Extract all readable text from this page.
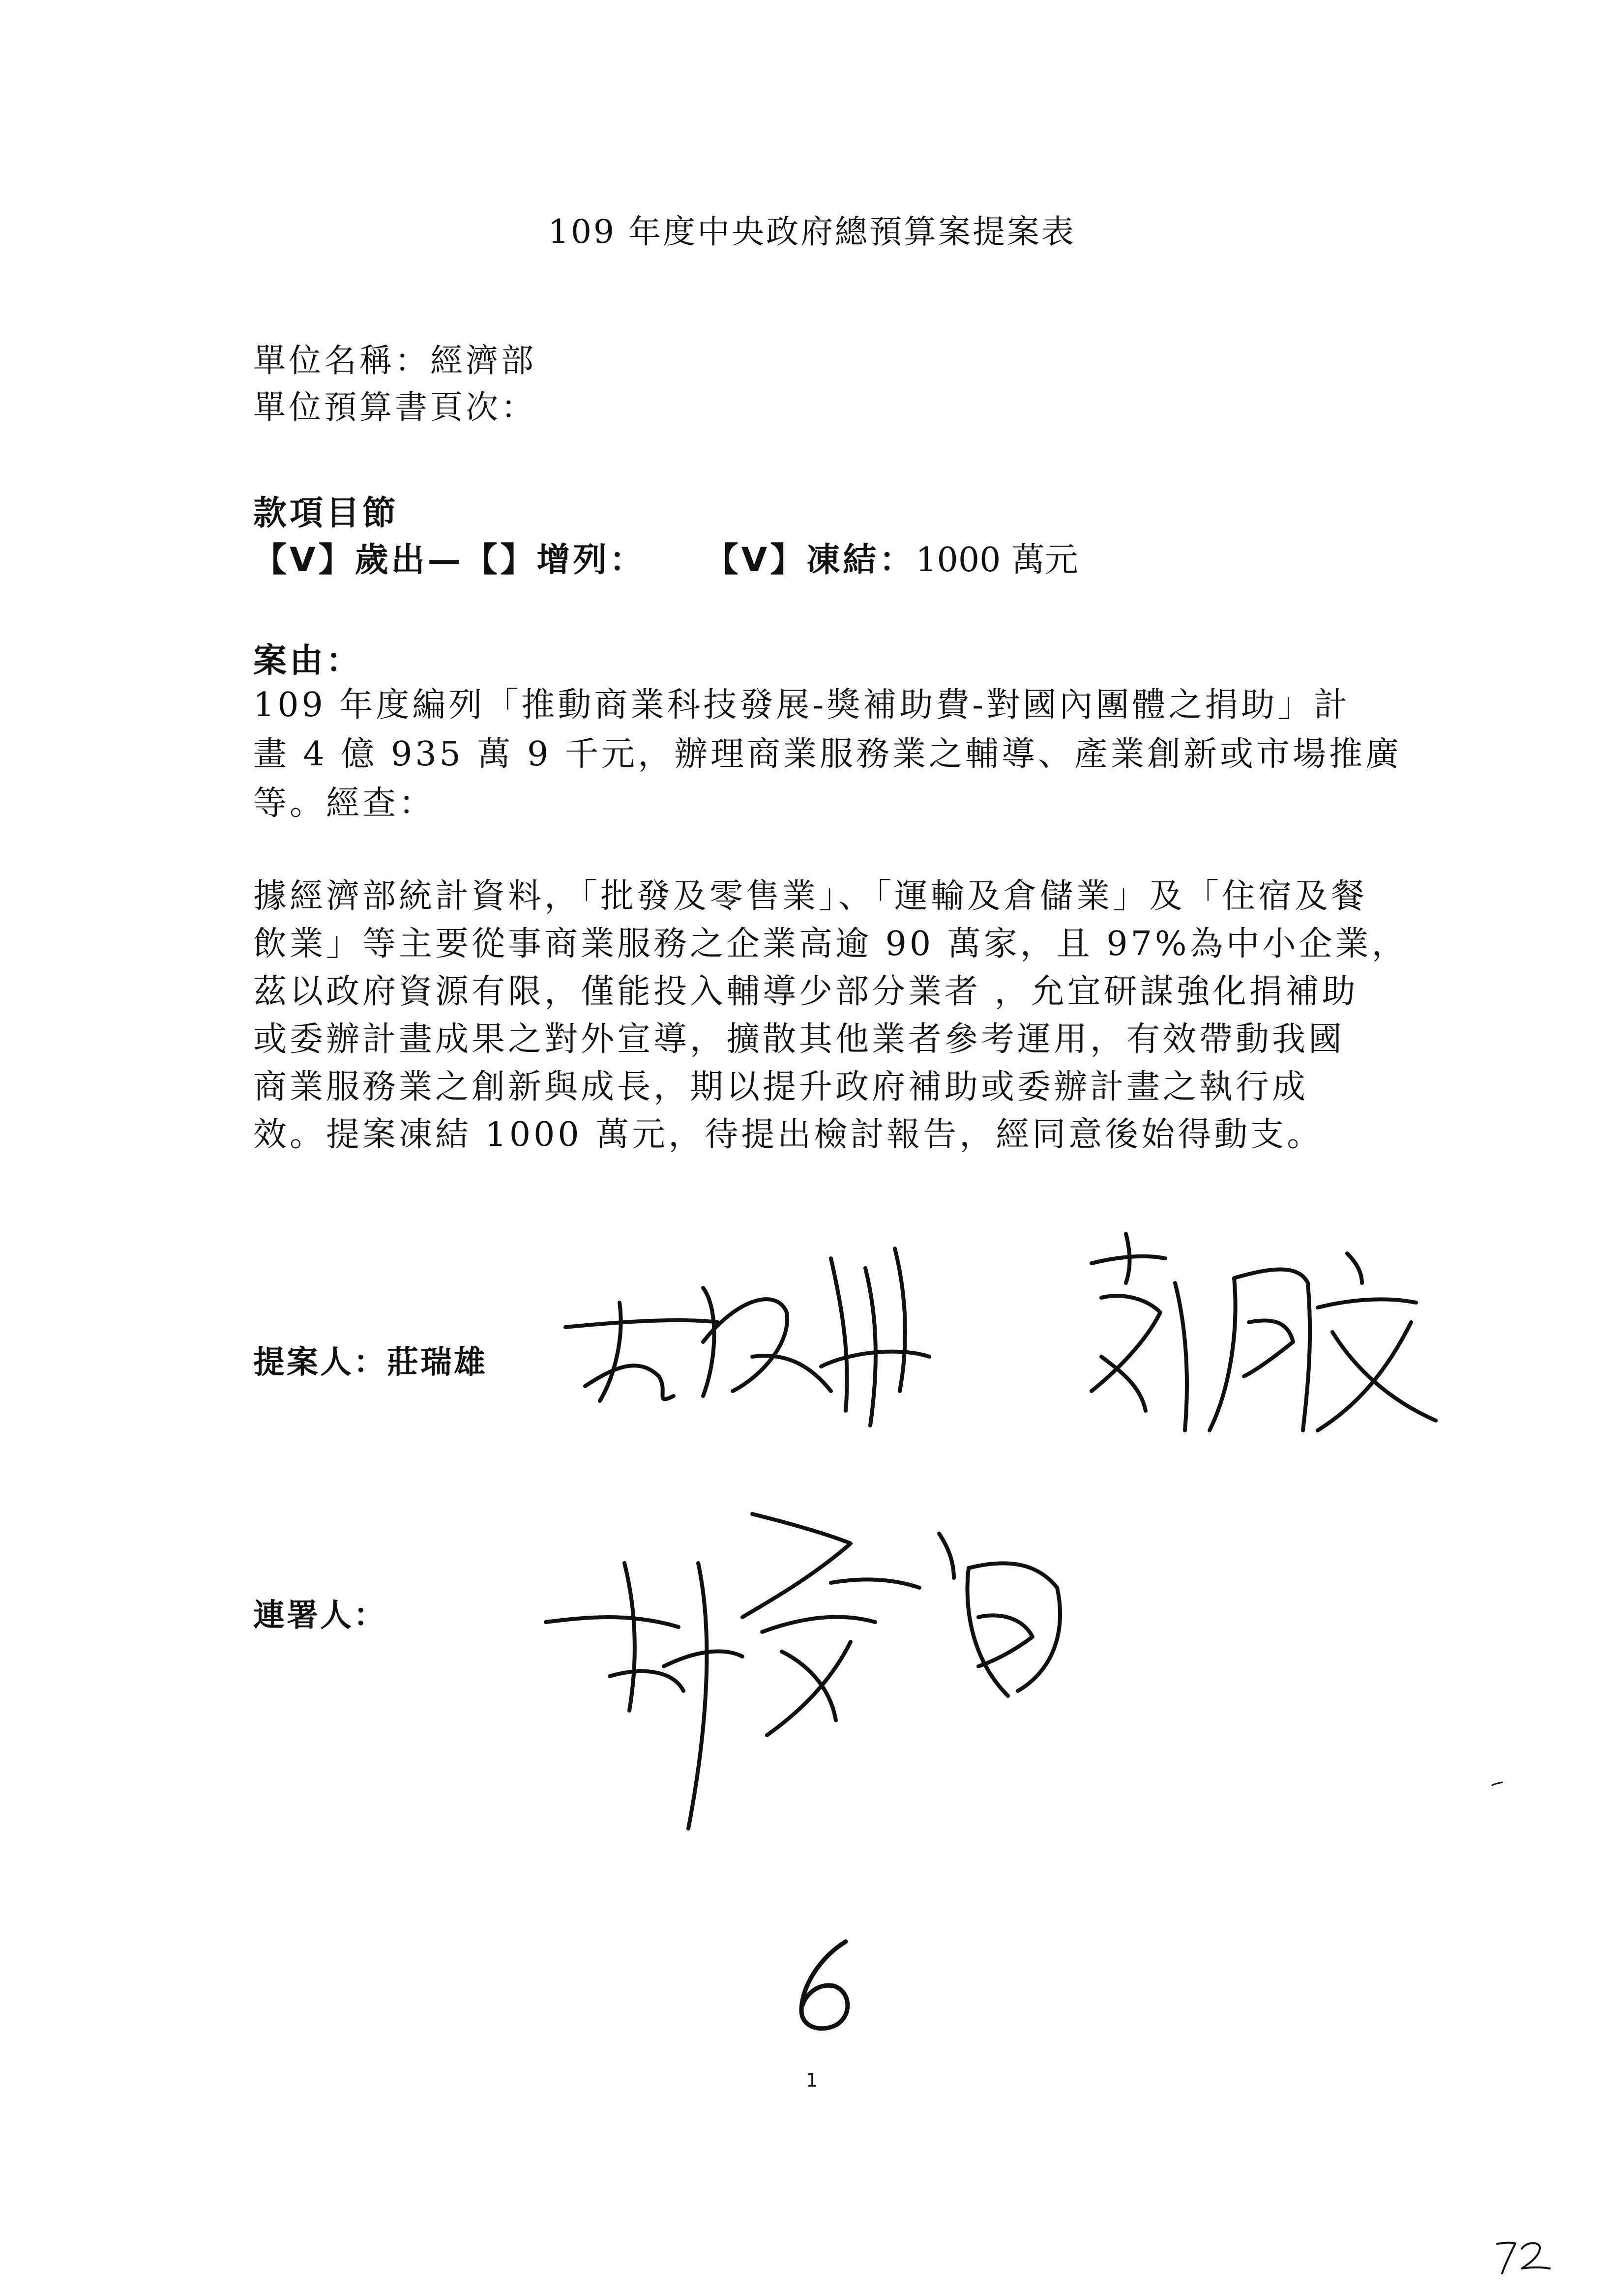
109 年度中央政府總預算案提案表
單位名稱：經濟部
單位預算書頁次：
款項目節
【V】歲出—【】增列： 【V】凍結：1000 萬元
案由：
109 年度編列「推動商業科技發展-獎補助費-對國內團體之捐助」計
畫 4 億 935 萬 9 千元，辦理商業服務業之輔導、產業創新或市場推廣
等。經查：
據經濟部統計資料，「批發及零售業」、「運輸及倉儲業」及「住宿及餐
飲業」等主要從事商業服務之企業高逾 90 萬家，且 97%為中小企業，
茲以政府資源有限，僅能投入輔導少部分業者 ，允宜研謀強化捐補助
或委辦計畫成果之對外宣導，擴散其他業者參考運用，有效帶動我國
商業服務業之創新與成長，期以提升政府補助或委辦計畫之執行成
效。提案凍結 1000 萬元，待提出檢討報告，經同意後始得動支。
提案人：莊瑞雄
連署人：
6
1
72
